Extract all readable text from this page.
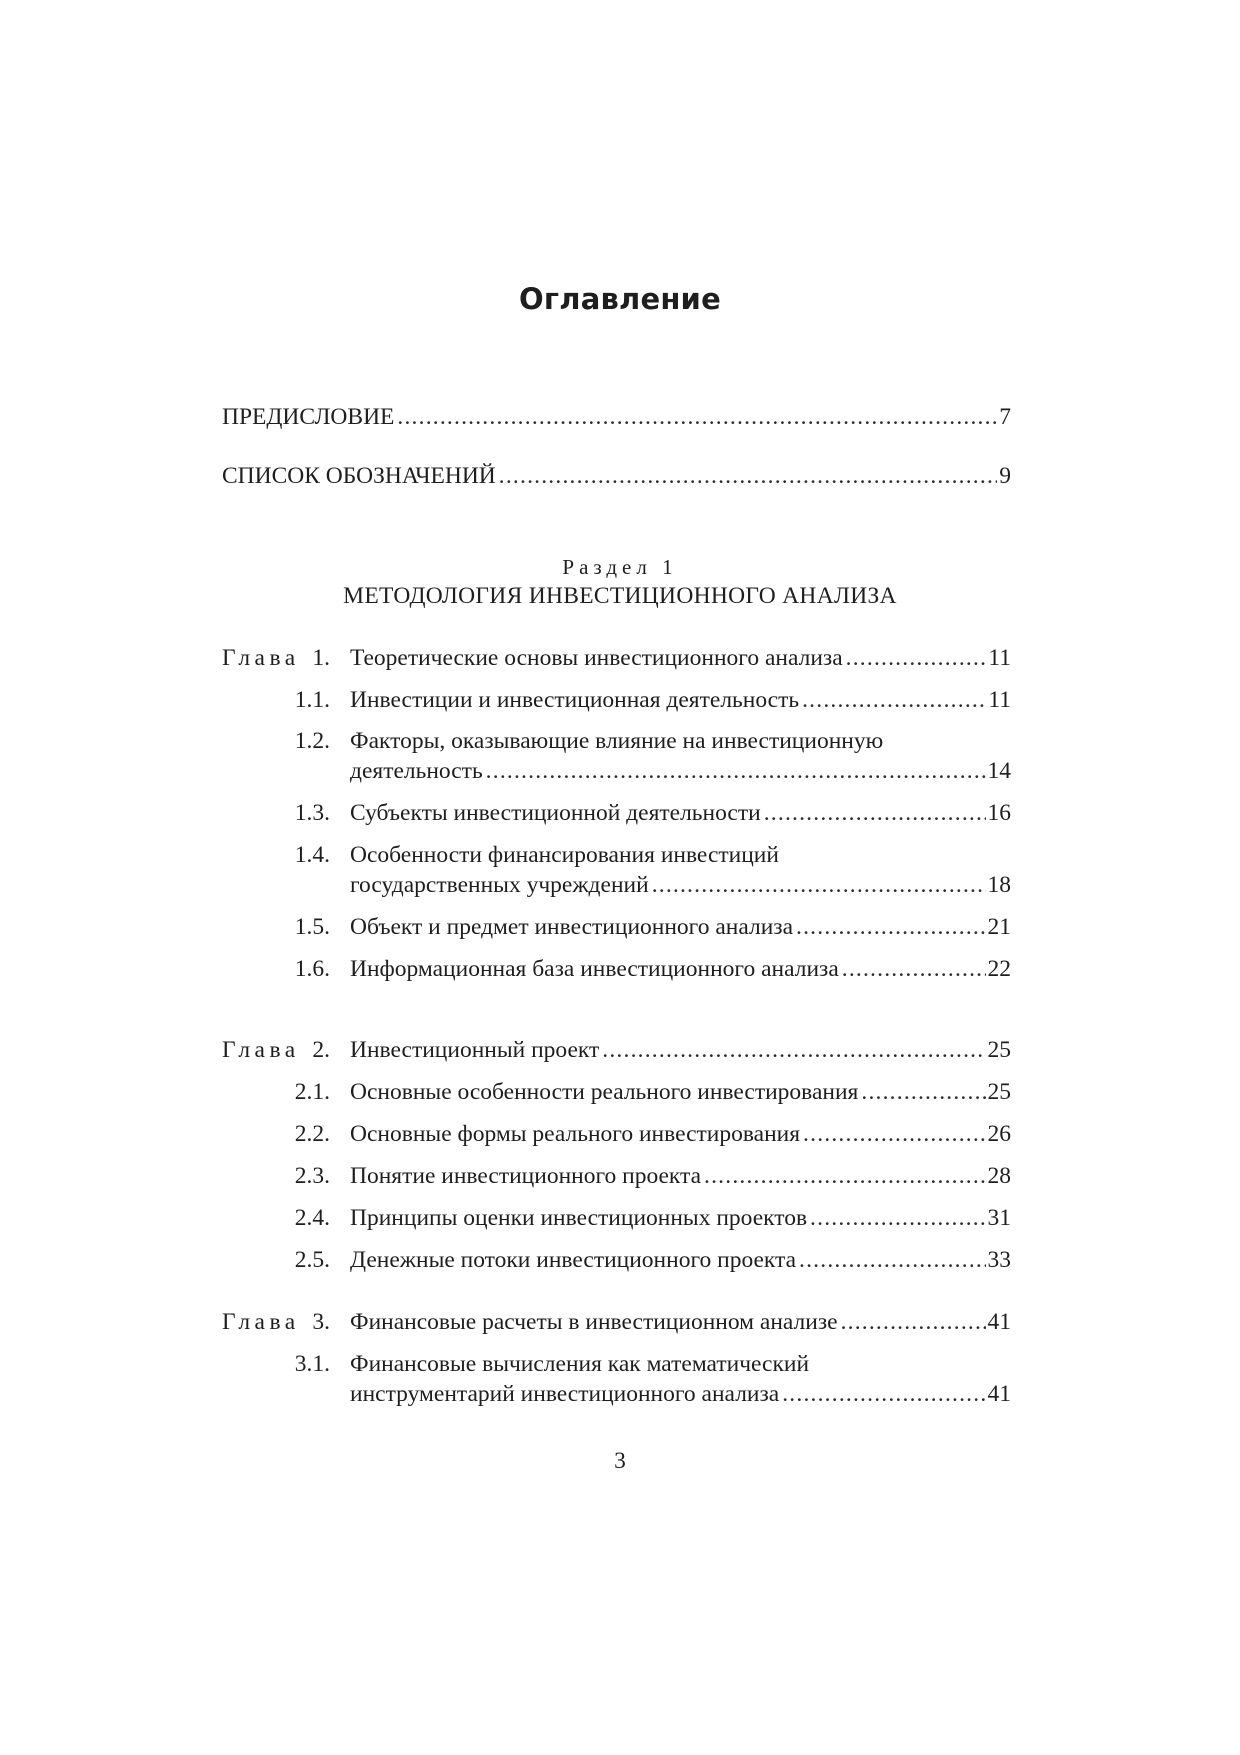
Оглавление
ПРЕДИСЛОВИЕ .....	7
СПИСОК ОБОЗНАЧЕНИЙ .....	9
Раздел 1
МЕТОДОЛОГИЯ ИНВЕСТИЦИОННОГО АНАЛИЗА
Глава 1. Теоретические основы инвестиционного анализа .....	11
1.1. Инвестиции и инвестиционная деятельность .....	11
1.2. Факторы, оказывающие влияние на инвестиционную
деятельность .....	14
1.3. Субъекты инвестиционной деятельности .....	16
1.4. Особенности финансирования инвестиций
государственных учреждений .....	18
1.5. Объект и предмет инвестиционного анализа .....	21
1.6. Информационная база инвестиционного анализа .....	22
Глава 2. Инвестиционный проект .....	25
2.1. Основные особенности реального инвестирования .....	25
2.2. Основные формы реального инвестирования .....	26
2.3. Понятие инвестиционного проекта .....	28
2.4. Принципы оценки инвестиционных проектов .....	31
2.5. Денежные потоки инвестиционного проекта .....	33
Глава 3. Финансовые расчеты в инвестиционном анализе .....	41
3.1. Финансовые вычисления как математический
инструментарий инвестиционного анализа .....	41
3
